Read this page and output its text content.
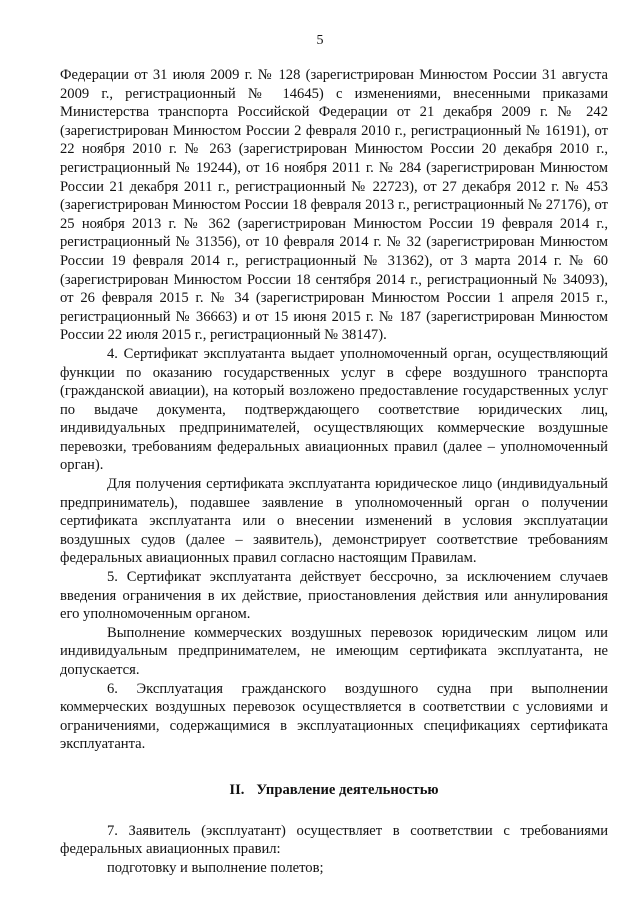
5

Федерации от 31 июля 2009 г. № 128 (зарегистрирован Минюстом России 31 августа 2009 г., регистрационный № 14645) с изменениями, внесенными приказами Министерства транспорта Российской Федерации от 21 декабря 2009 г. № 242 (зарегистрирован Минюстом России 2 февраля 2010 г., регистрационный № 16191), от 22 ноября 2010 г. № 263 (зарегистрирован Минюстом России 20 декабря 2010 г., регистрационный № 19244), от 16 ноября 2011 г. № 284 (зарегистрирован Минюстом России 21 декабря 2011 г., регистрационный № 22723), от 27 декабря 2012 г. № 453 (зарегистрирован Минюстом России 18 февраля 2013 г., регистрационный № 27176), от 25 ноября 2013 г. № 362 (зарегистрирован Минюстом России 19 февраля 2014 г., регистрационный № 31356), от 10 февраля 2014 г. № 32 (зарегистрирован Минюстом России 19 февраля 2014 г., регистрационный № 31362), от 3 марта 2014 г. № 60 (зарегистрирован Минюстом России 18 сентября 2014 г., регистрационный № 34093), от 26 февраля 2015 г. № 34 (зарегистрирован Минюстом России 1 апреля 2015 г., регистрационный № 36663) и от 15 июня 2015 г. № 187 (зарегистрирован Минюстом России 22 июля 2015 г., регистрационный № 38147).

4. Сертификат эксплуатанта выдает уполномоченный орган, осуществляющий функции по оказанию государственных услуг в сфере воздушного транспорта (гражданской авиации), на который возложено предоставление государственных услуг по выдаче документа, подтверждающего соответствие юридических лиц, индивидуальных предпринимателей, осуществляющих коммерческие воздушные перевозки, требованиям федеральных авиационных правил (далее – уполномоченный орган).

Для получения сертификата эксплуатанта юридическое лицо (индивидуальный предприниматель), подавшее заявление в уполномоченный орган о получении сертификата эксплуатанта или о внесении изменений в условия эксплуатации воздушных судов (далее – заявитель), демонстрирует соответствие требованиям федеральных авиационных правил согласно настоящим Правилам.

5. Сертификат эксплуатанта действует бессрочно, за исключением случаев введения ограничения в их действие, приостановления действия или аннулирования его уполномоченным органом.

Выполнение коммерческих воздушных перевозок юридическим лицом или индивидуальным предпринимателем, не имеющим сертификата эксплуатанта, не допускается.

6. Эксплуатация гражданского воздушного судна при выполнении коммерческих воздушных перевозок осуществляется в соответствии с условиями и ограничениями, содержащимися в эксплуатационных спецификациях сертификата эксплуатанта.

II. Управление деятельностью

7. Заявитель (эксплуатант) осуществляет в соответствии с требованиями федеральных авиационных правил:

подготовку и выполнение полетов;
